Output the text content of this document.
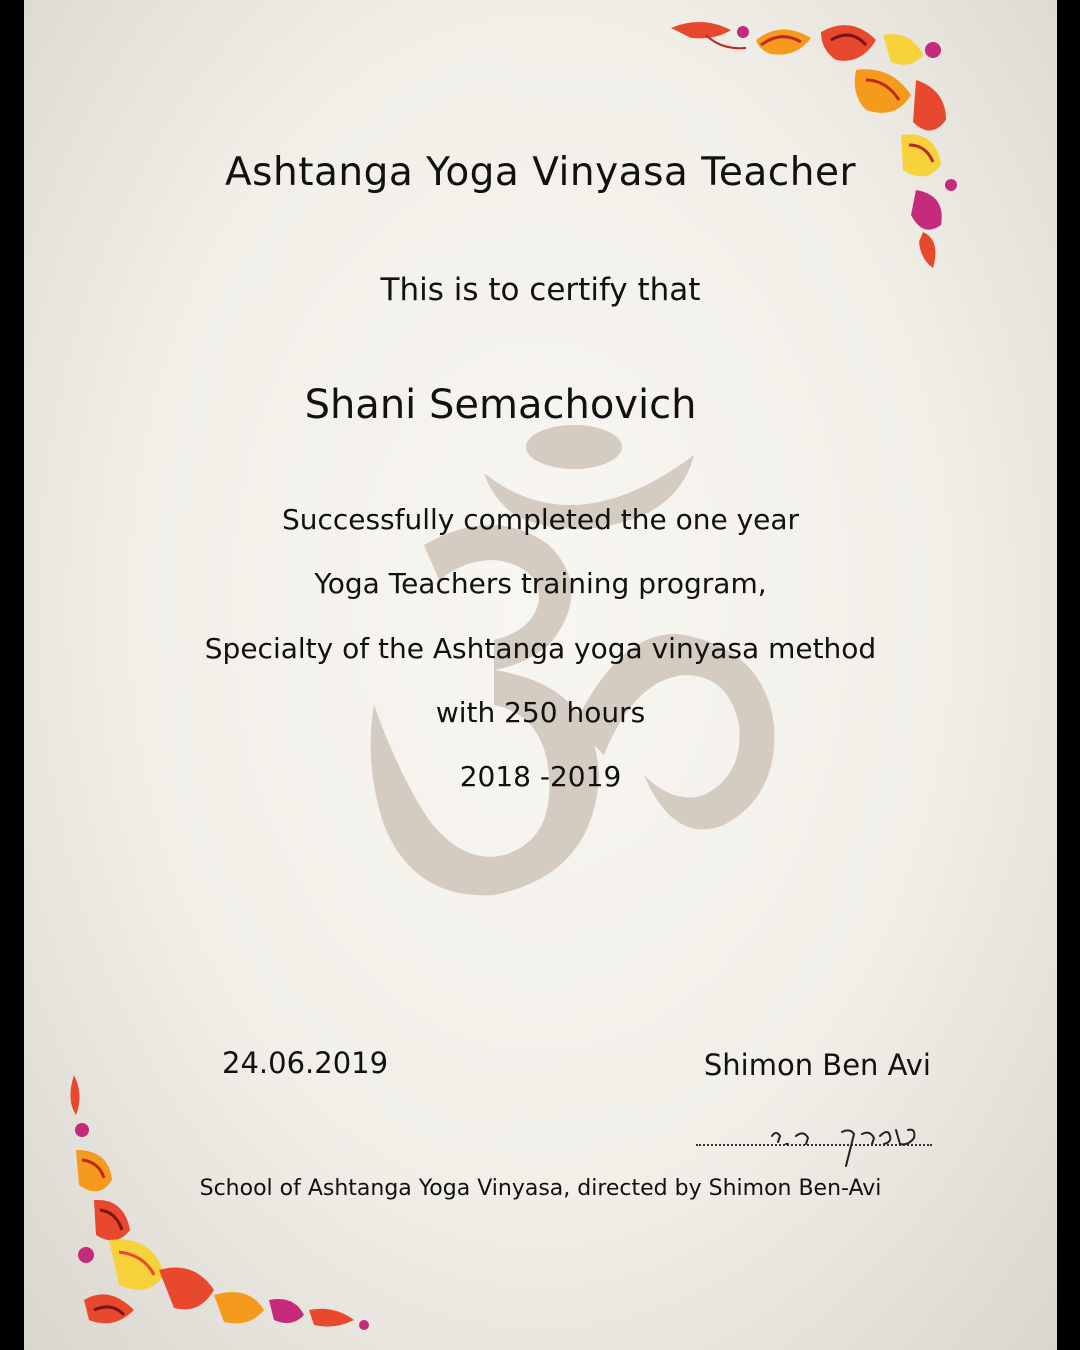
Ashtanga Yoga Vinyasa Teacher
This is to certify that
Shani Semachovich
Successfully completed the one year
Yoga Teachers training program,
Specialty of the Ashtanga yoga vinyasa method
with 250 hours
2018 -2019
24.06.2019	Shimon Ben Avi
School of Ashtanga Yoga Vinyasa, directed by Shimon Ben-Avi
